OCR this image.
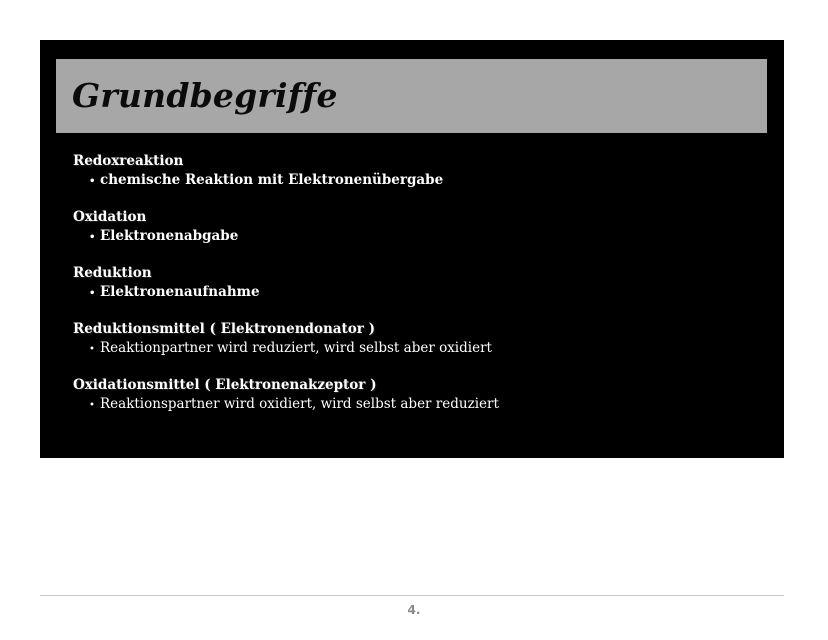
Grundbegriffe
Redoxreaktion
• chemische Reaktion mit Elektronenübergabe
Oxidation
• Elektronenabgabe
Reduktion
• Elektronenaufnahme
Reduktionsmittel ( Elektronendonator )
• Reaktionpartner wird reduziert, wird selbst aber oxidiert
Oxidationsmittel ( Elektronenakzeptor )
• Reaktionspartner wird oxidiert, wird selbst aber reduziert
4.
